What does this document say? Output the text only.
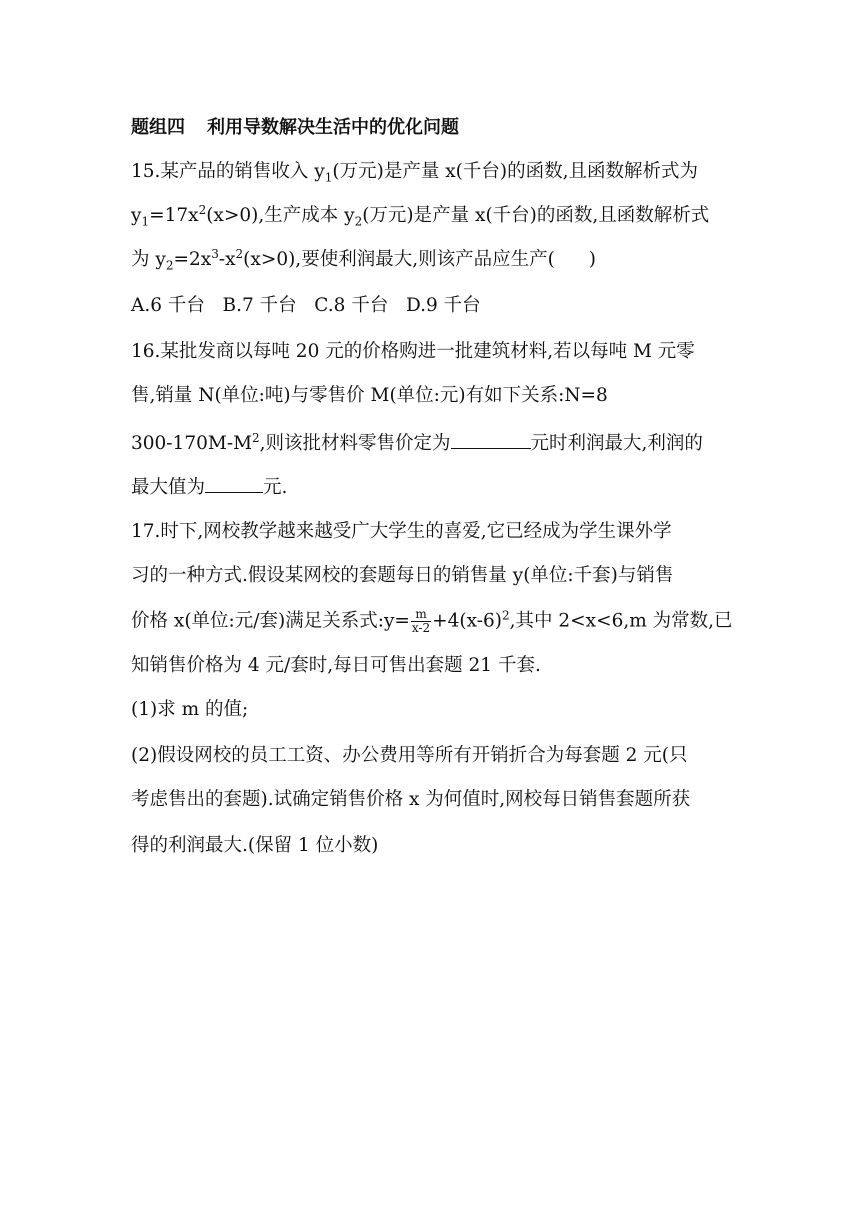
题组四 利用导数解决生活中的优化问题
15.某产品的销售收入 $y_1$(万元)是产量 x(千台)的函数,且函数解析式为
$y_1=17x^2(x>0)$,生产成本 $y_2$(万元)是产量 x(千台)的函数,且函数解析式
为 $y_2=2x^3-x^2(x>0)$,要使利润最大,则该产品应生产( )
A.6 千台   B.7 千台   C.8 千台   D.9 千台
16.某批发商以每吨 20 元的价格购进一批建筑材料,若以每吨 M 元零
售,销量 N(单位:吨)与零售价 M(单位:元)有如下关系:N=8
$300-170M-M^2$,则该批材料零售价定为	元时利润最大,利润的
最大值为	元.
17.时下,网校教学越来越受广大学生的喜爱,它已经成为学生课外学
习的一种方式.假设某网校的套题每日的销售量 y(单位:千套)与销售
价格 x(单位:元/套)满足关系式:y= $\frac{m}{x-2} +4(x-6)^2$,其中 2<x<6,m 为常数,已
知销售价格为 4 元/套时,每日可售出套题 21 千套.
(1)求 m 的值;
(2)假设网校的员工工资、办公费用等所有开销折合为每套题 2 元(只
考虑售出的套题).试确定销售价格 x 为何值时,网校每日销售套题所获
得的利润最大.(保留 1 位小数)
